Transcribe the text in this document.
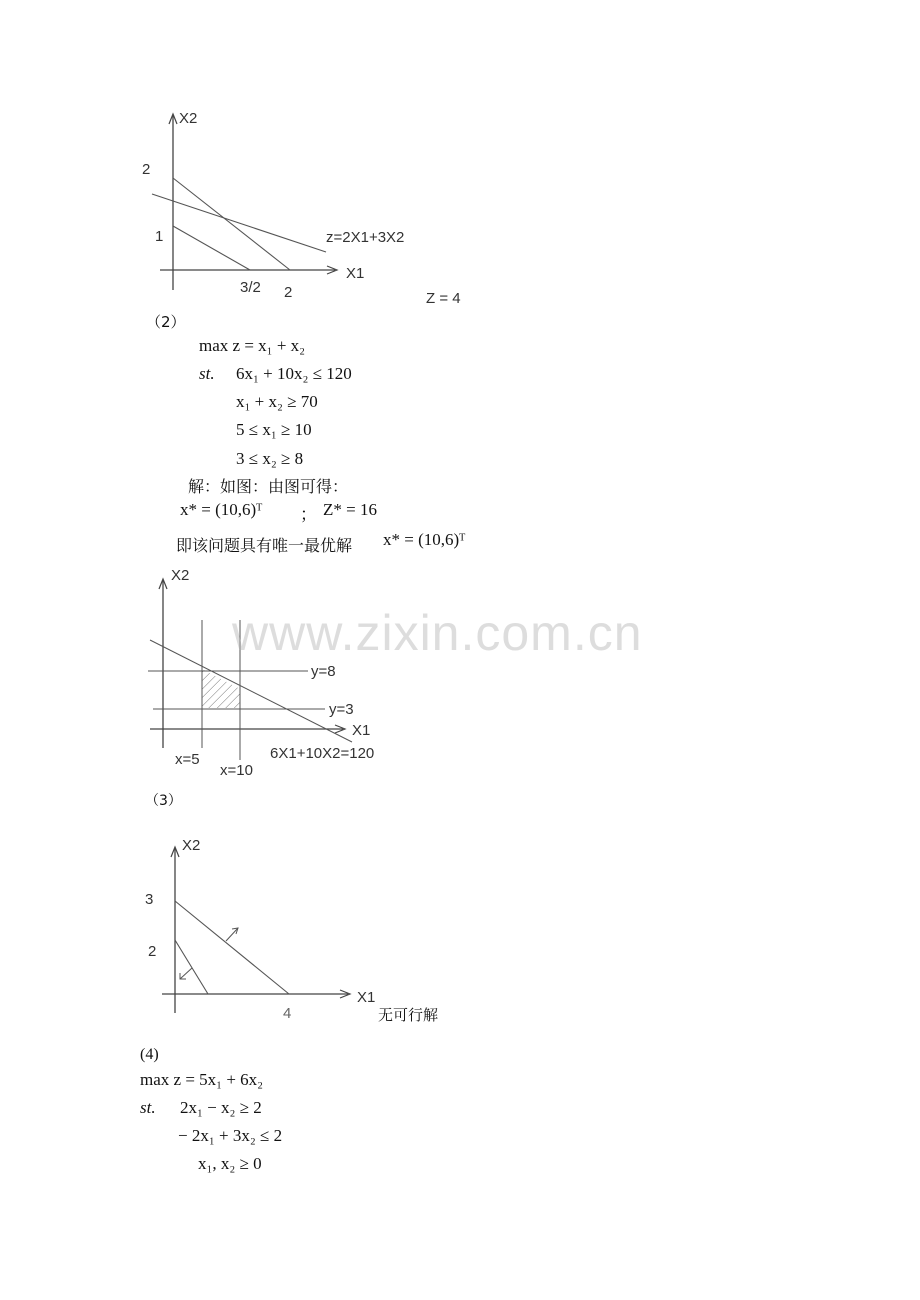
X2
2
1	z=2X1+3X2
X1
3/2 2	Z = 4
（2）
max z = x₁ + x₂
st. 6x₁ + 10x₂ ≤ 120
x₁ + x₂ ≥ 70
5 ≤ x₁ ≥ 10
3 ≤ x₂ ≥ 8
解：如图：由图可得：
x* = (10,6)ᵀ ； Z* = 16
即该问题具有唯一最优解 x* = (10,6)ᵀ
X2
www.zixin.com.cn
y=8
y=3
X1
6X1+10X2=120
x=5
x=10
（3）
X2
3
2
X1
4	无可行解
(4)
max z = 5x₁ + 6x₂
st. 2x₁ − x₂ ≥ 2
− 2x₁ + 3x₂ ≤ 2
x₁, x₂ ≥ 0
